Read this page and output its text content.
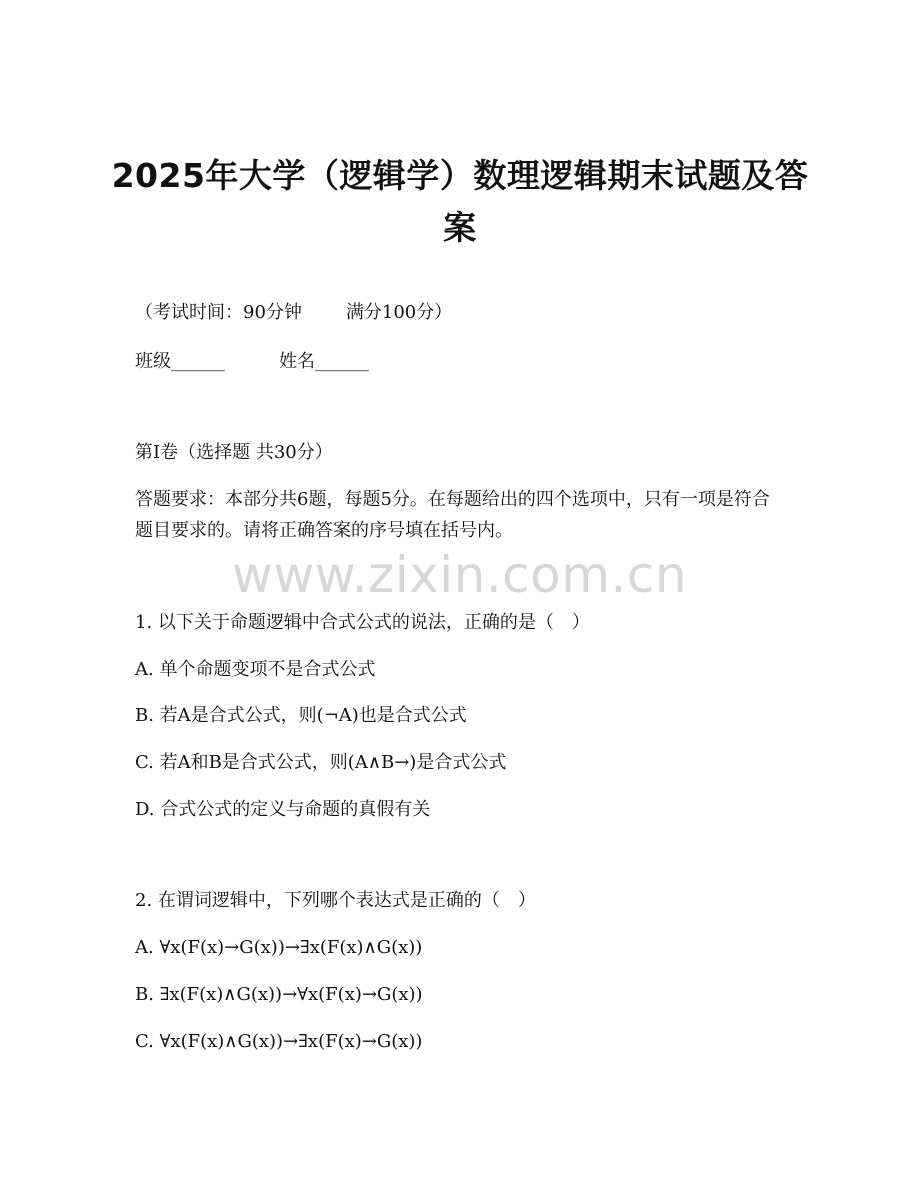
www.zixin.com.cn
2025年大学（逻辑学）数理逻辑期末试题及答案
（考试时间：90分钟 满分100分）
班级______	姓名______
第I卷（选择题 共30分）
答题要求：本部分共6题，每题5分。在每题给出的四个选项中，只有一项是符合题目要求的。请将正确答案的序号填在括号内。
1. 以下关于命题逻辑中合式公式的说法，正确的是（　）
A. 单个命题变项不是合式公式
B. 若A是合式公式，则(¬A)也是合式公式
C. 若A和B是合式公式，则(A∧B→)是合式公式
D. 合式公式的定义与命题的真假有关
2. 在谓词逻辑中，下列哪个表达式是正确的（　）
A. ∀x(F(x)→G(x))→∃x(F(x)∧G(x))
B. ∃x(F(x)∧G(x))→∀x(F(x)→G(x))
C. ∀x(F(x)∧G(x))→∃x(F(x)→G(x))
